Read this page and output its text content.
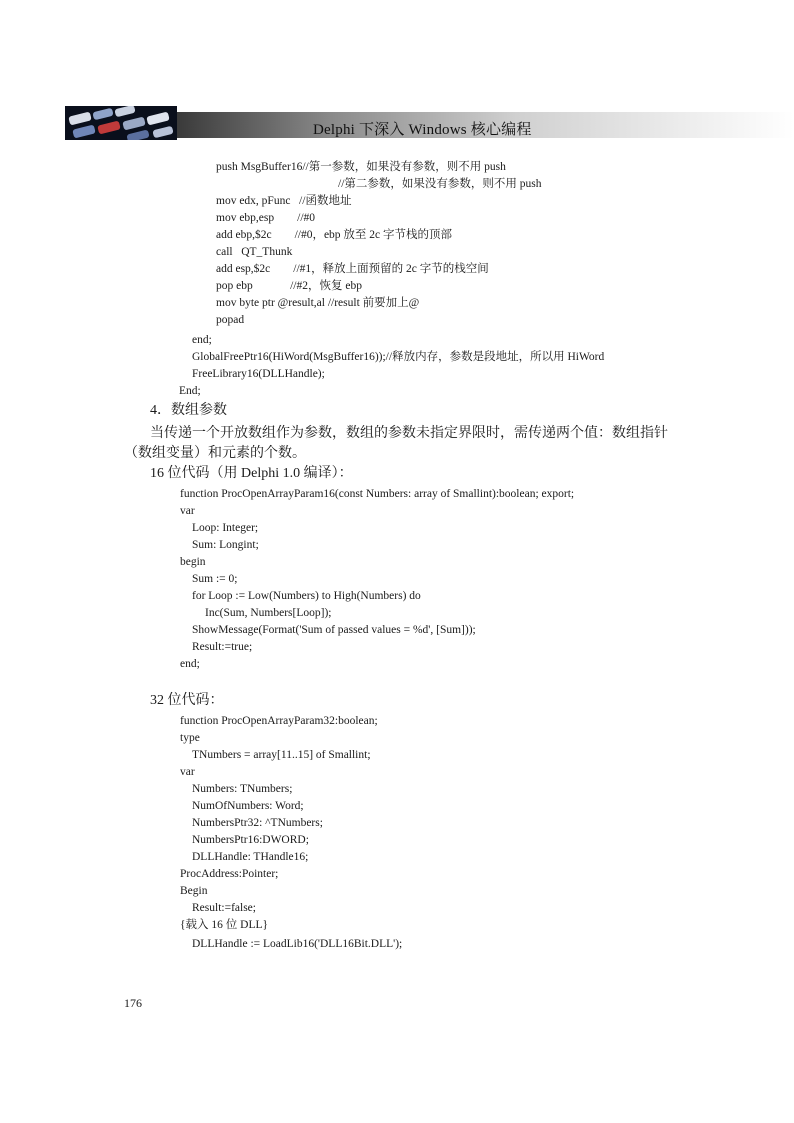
Delphi 下深入 Windows 核心编程
push MsgBuffer16//第一参数，如果没有参数，则不用 push
//第二参数，如果没有参数，则不用 push
mov edx, pFunc   //函数地址
mov ebp,esp        //#0
add ebp,$2c        //#0，ebp 放至 2c 字节栈的顶部
call   QT_Thunk
add esp,$2c        //#1，释放上面预留的 2c 字节的栈空间
pop ebp             //#2，恢复 ebp
mov byte ptr @result,al //result 前要加上@
popad
end;
GlobalFreePtr16(HiWord(MsgBuffer16));//释放内存，参数是段地址，所以用 HiWord
FreeLibrary16(DLLHandle);
End;
4．数组参数
当传递一个开放数组作为参数，数组的参数未指定界限时，需传递两个值：数组指针
（数组变量）和元素的个数。
16 位代码（用 Delphi 1.0 编译）：
function ProcOpenArrayParam16(const Numbers: array of Smallint):boolean; export;
var
Loop: Integer;
Sum: Longint;
begin
Sum := 0;
for Loop := Low(Numbers) to High(Numbers) do
Inc(Sum, Numbers[Loop]);
ShowMessage(Format('Sum of passed values = %d', [Sum]));
Result:=true;
end;
32 位代码：
function ProcOpenArrayParam32:boolean;
type
TNumbers = array[11..15] of Smallint;
var
Numbers: TNumbers;
NumOfNumbers: Word;
NumbersPtr32: ^TNumbers;
NumbersPtr16:DWORD;
DLLHandle: THandle16;
ProcAddress:Pointer;
Begin
Result:=false;
{载入 16 位 DLL}
DLLHandle := LoadLib16('DLL16Bit.DLL');
176
